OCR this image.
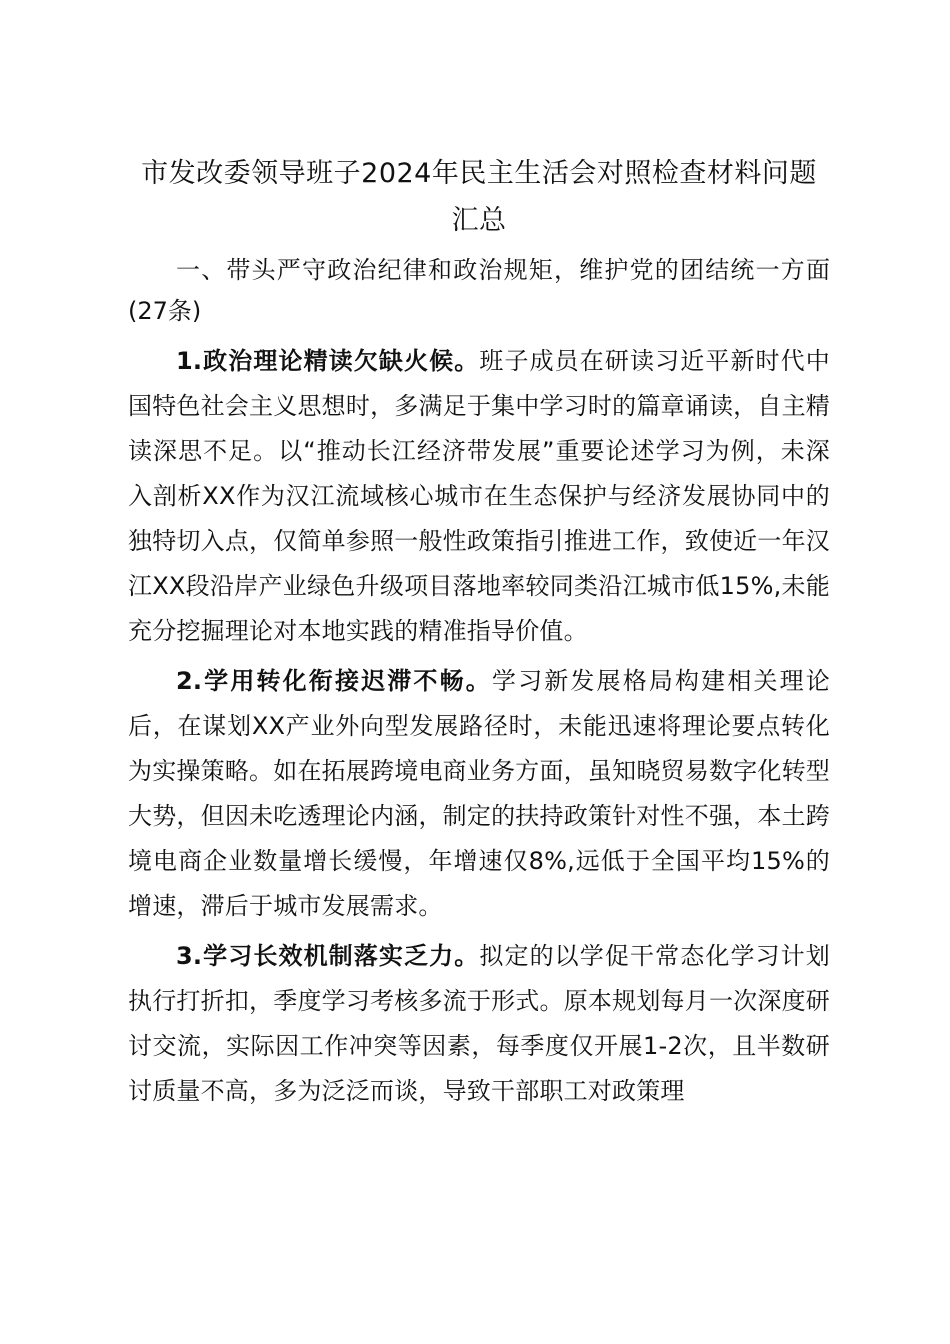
市发改委领导班子2024年民主生活会对照检查材料问题汇总

一、带头严守政治纪律和政治规矩，维护党的团结统一方面(27条)

1.政治理论精读欠缺火候。班子成员在研读习近平新时代中国特色社会主义思想时，多满足于集中学习时的篇章诵读，自主精读深思不足。以“推动长江经济带发展”重要论述学习为例，未深入剖析XX作为汉江流域核心城市在生态保护与经济发展协同中的独特切入点，仅简单参照一般性政策指引推进工作，致使近一年汉江XX段沿岸产业绿色升级项目落地率较同类沿江城市低15%,未能充分挖掘理论对本地实践的精准指导价值。

2.学用转化衔接迟滞不畅。学习新发展格局构建相关理论后，在谋划XX产业外向型发展路径时，未能迅速将理论要点转化为实操策略。如在拓展跨境电商业务方面，虽知晓贸易数字化转型大势，但因未吃透理论内涵，制定的扶持政策针对性不强，本土跨境电商企业数量增长缓慢，年增速仅8%,远低于全国平均15%的增速，滞后于城市发展需求。

3.学习长效机制落实乏力。拟定的以学促干常态化学习计划执行打折扣，季度学习考核多流于形式。原本规划每月一次深度研讨交流，实际因工作冲突等因素，每季度仅开展1-2次，且半数研讨质量不高，多为泛泛而谈，导致干部职工对政策理
